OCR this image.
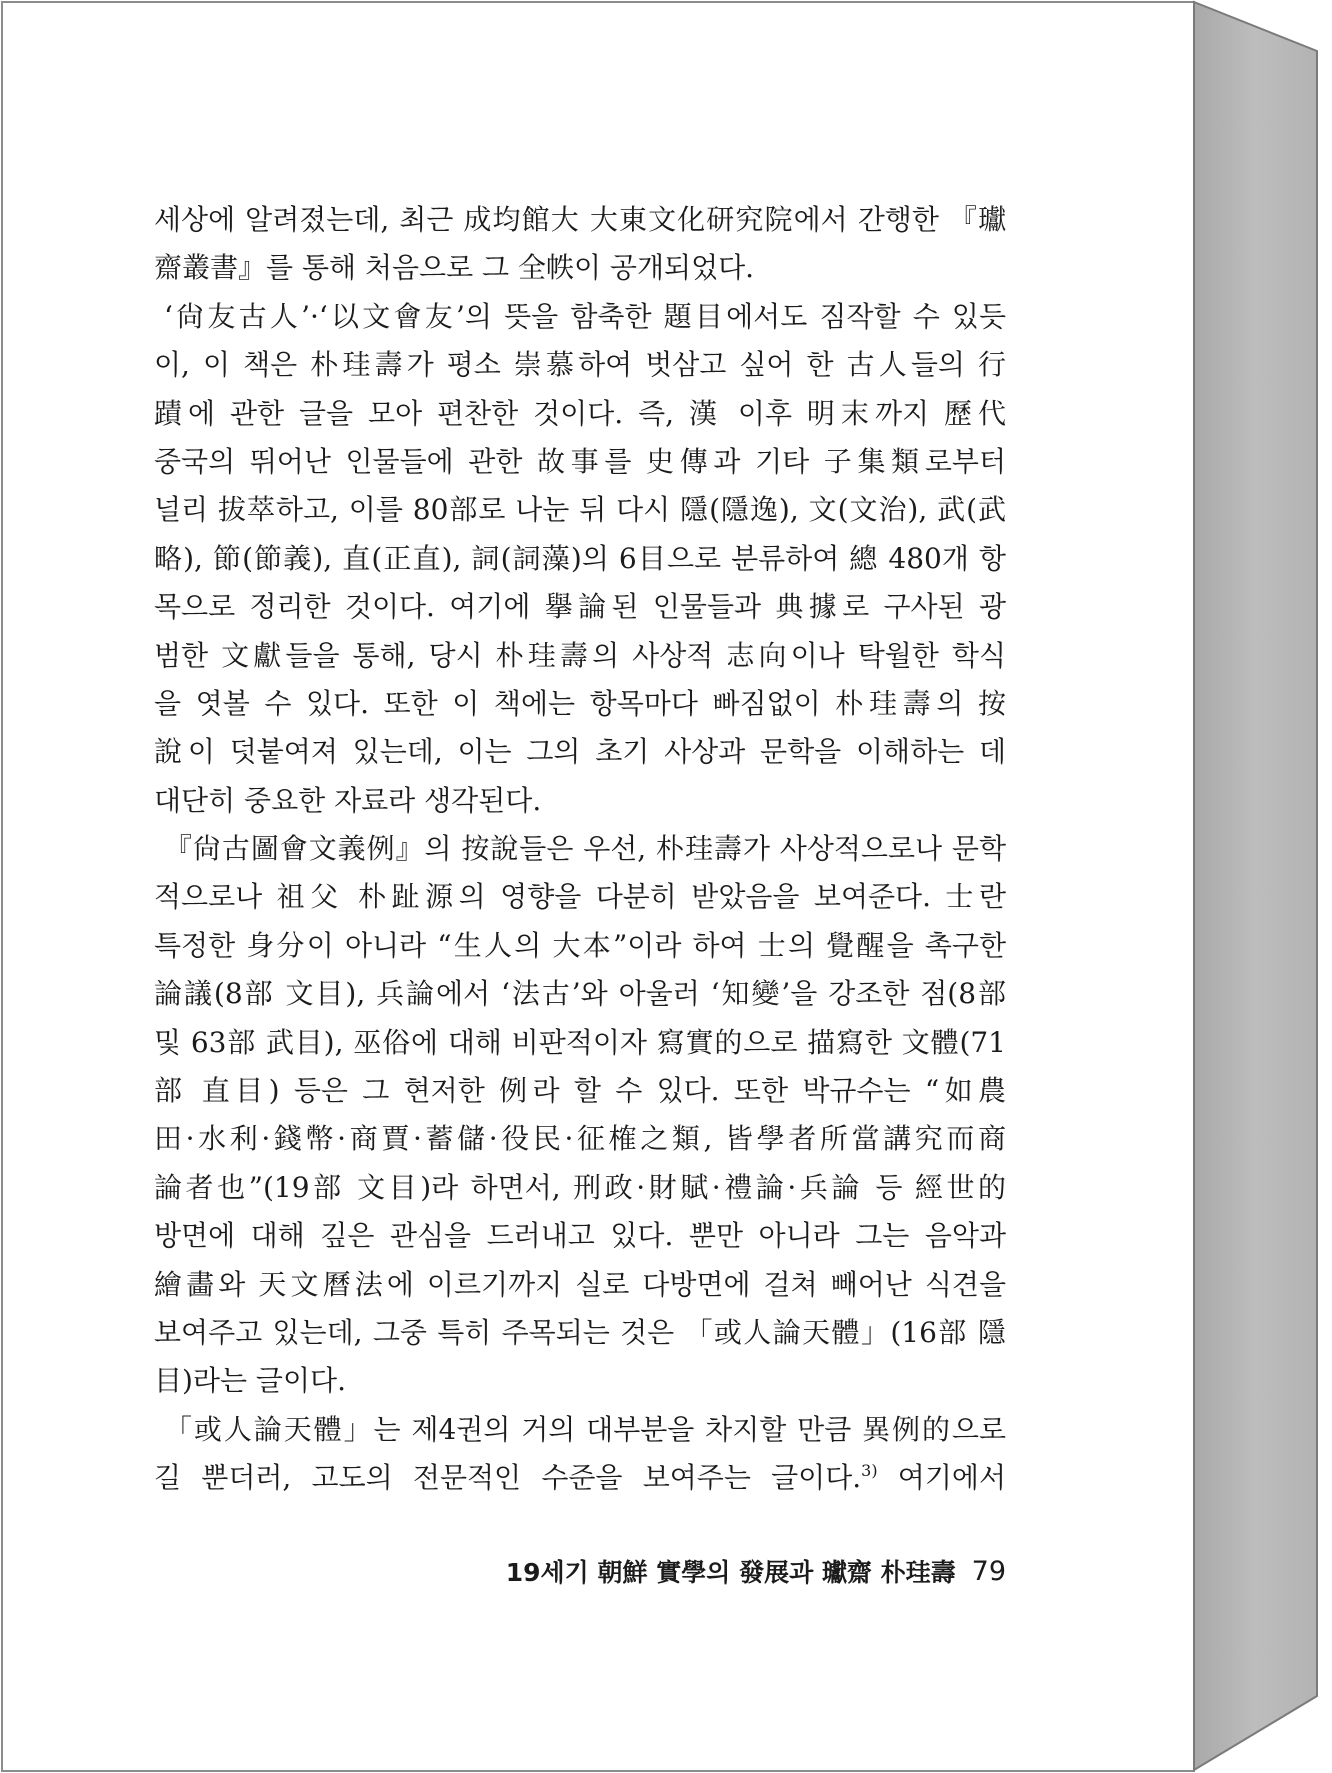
세상에 알려졌는데, 최근 成均館大 大東文化研究院에서 간행한 『瓛
齋叢書』를 통해 처음으로 그 全帙이 공개되었다.
‘尙友古人’·‘以文會友’의 뜻을 함축한 題目에서도 짐작할 수 있듯
이, 이 책은 朴珪壽가 평소 崇慕하여 벗삼고 싶어 한 古人들의 行
蹟에 관한 글을 모아 편찬한 것이다. 즉, 漢 이후 明末까지 歷代
중국의 뛰어난 인물들에 관한 故事를 史傳과 기타 子集類로부터
널리 拔萃하고, 이를 80部로 나눈 뒤 다시 隱(隱逸), 文(文治), 武(武
略), 節(節義), 直(正直), 詞(詞藻)의 6目으로 분류하여 總 480개 항
목으로 정리한 것이다. 여기에 擧論된 인물들과 典據로 구사된 광
범한 文獻들을 통해, 당시 朴珪壽의 사상적 志向이나 탁월한 학식
을 엿볼 수 있다. 또한 이 책에는 항목마다 빠짐없이 朴珪壽의 按
說이 덧붙여져 있는데, 이는 그의 초기 사상과 문학을 이해하는 데
대단히 중요한 자료라 생각된다.
『尙古圖會文義例』의 按說들은 우선, 朴珪壽가 사상적으로나 문학
적으로나 祖父 朴趾源의 영향을 다분히 받았음을 보여준다. 士란
특정한 身分이 아니라 “生人의 大本”이라 하여 士의 覺醒을 촉구한
論議(8部 文目), 兵論에서 ‘法古’와 아울러 ‘知變’을 강조한 점(8部
및 63部 武目), 巫俗에 대해 비판적이자 寫實的으로 描寫한 文體(71
部 直目) 등은 그 현저한 例라 할 수 있다. 또한 박규수는 “如農
田·水利·錢幣·商賈·蓄儲·役民·征榷之類, 皆學者所當講究而商
論者也”(19部 文目)라 하면서, 刑政·財賦·禮論·兵論 등 經世的
방면에 대해 깊은 관심을 드러내고 있다. 뿐만 아니라 그는 음악과
繪畵와 天文曆法에 이르기까지 실로 다방면에 걸쳐 빼어난 식견을
보여주고 있는데, 그중 특히 주목되는 것은 「或人論天體」(16部 隱
目)라는 글이다.
「或人論天體」는 제4권의 거의 대부분을 차지할 만큼 異例的으로
길 뿐더러, 고도의 전문적인 수준을 보여주는 글이다.$^{3)}$ 여기에서
19세기 朝鮮 實學의 發展과 瓛齋 朴珪壽 79
